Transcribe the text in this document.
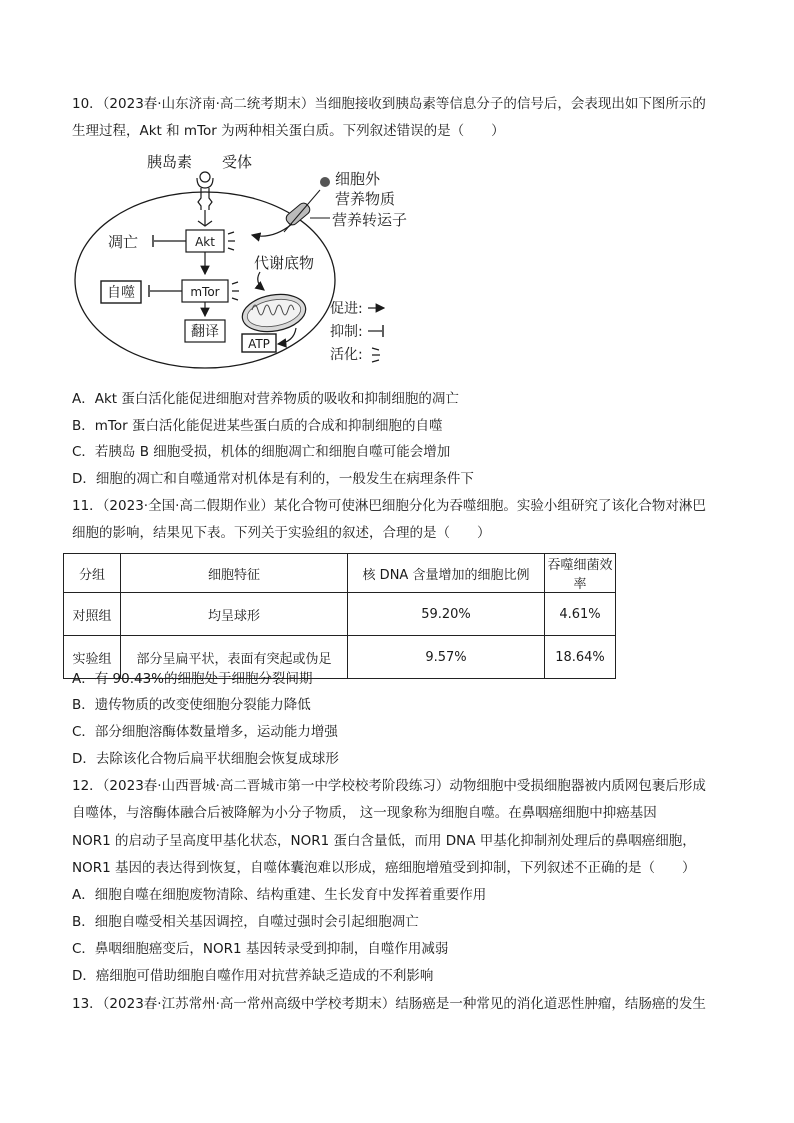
10．（2023春·山东济南·高二统考期末）当细胞接收到胰岛素等信息分子的信号后，会表现出如下图所示的
生理过程，Akt 和 mTor 为两种相关蛋白质。下列叙述错误的是（　　）
胰岛素 受体
Akt
凋亡
细胞外
营养物质
营养转运子
mTor
自噬
翻译
代谢底物
ATP
促进:
抑制:
活化:
A．Akt 蛋白活化能促进细胞对营养物质的吸收和抑制细胞的凋亡
B．mTor 蛋白活化能促进某些蛋白质的合成和抑制细胞的自噬
C．若胰岛 B 细胞受损，机体的细胞凋亡和细胞自噬可能会增加
D．细胞的凋亡和自噬通常对机体是有利的，一般发生在病理条件下
11．（2023·全国·高二假期作业）某化合物可使淋巴细胞分化为吞噬细胞。实验小组研究了该化合物对淋巴
细胞的影响，结果见下表。下列关于实验组的叙述，合理的是（　　）
分组	细胞特征	核 DNA 含量增加的细胞比例	吞噬细菌效率
对照组	均呈球形	59.20%	4.61%
实验组	部分呈扁平状，表面有突起或伪足	9.57%	18.64%
A．有 90.43%的细胞处于细胞分裂间期
B．遗传物质的改变使细胞分裂能力降低
C．部分细胞溶酶体数量增多，运动能力增强
D．去除该化合物后扁平状细胞会恢复成球形
12．（2023春·山西晋城·高二晋城市第一中学校校考阶段练习）动物细胞中受损细胞器被内质网包裹后形成
自噬体，与溶酶体融合后被降解为小分子物质， 这一现象称为细胞自噬。在鼻咽癌细胞中抑癌基因
NOR1 的启动子呈高度甲基化状态，NOR1 蛋白含量低，而用 DNA 甲基化抑制剂处理后的鼻咽癌细胞，
NOR1 基因的表达得到恢复，自噬体囊泡难以形成，癌细胞增殖受到抑制，下列叙述不正确的是（　　）
A．细胞自噬在细胞废物清除、结构重建、生长发育中发挥着重要作用
B．细胞自噬受相关基因调控，自噬过强时会引起细胞凋亡
C．鼻咽细胞癌变后，NOR1 基因转录受到抑制，自噬作用减弱
D．癌细胞可借助细胞自噬作用对抗营养缺乏造成的不利影响
13．（2023春·江苏常州·高一常州高级中学校考期末）结肠癌是一种常见的消化道恶性肿瘤，结肠癌的发生
